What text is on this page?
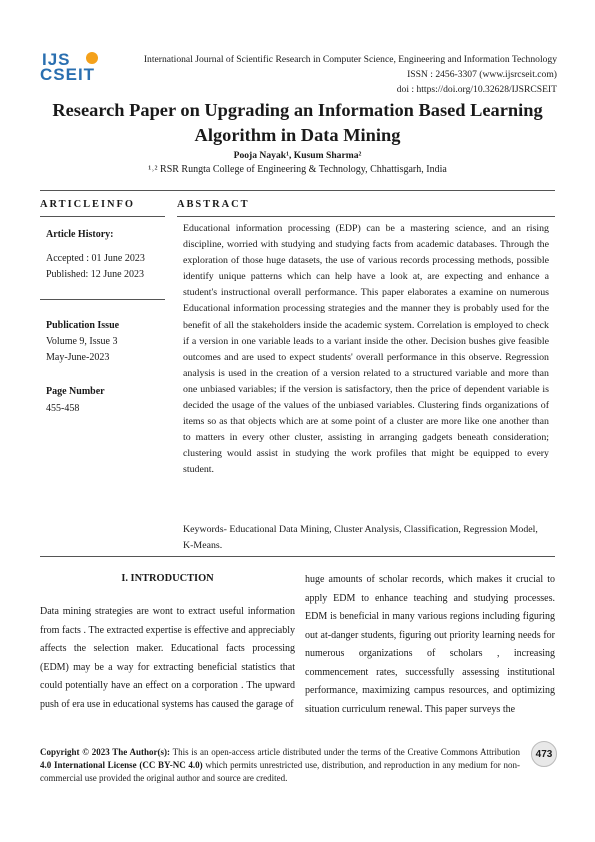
IJS
CSEIT
International Journal of Scientific Research in Computer Science, Engineering and Information Technology
ISSN : 2456-3307 (www.ijsrcseit.com)
doi : https://doi.org/10.32628/IJSRCSEIT
Research Paper on Upgrading an Information Based Learning Algorithm in Data Mining
Pooja Nayak¹, Kusum Sharma²
¹˒² RSR Rungta College of Engineering & Technology, Chhattisgarh, India
ARTICLEINFO	ABSTRACT
Article History:
Accepted : 01 June 2023
Published: 12 June 2023
Publication Issue
Volume 9, Issue 3
May-June-2023
Page Number
455-458
Educational information processing (EDP) can be a mastering science, and an rising discipline, worried with studying and studying facts from academic databases. Through the exploration of those huge datasets, the use of various records processing methods, possible identify unique patterns which can help have a look at, are expecting and enhance a student's instructional overall performance. This paper elaborates a examine on numerous Educational information processing strategies and the manner they is probably used for the benefit of all the stakeholders inside the academic system. Correlation is employed to check if a version in one variable leads to a variant inside the other. Decision bushes give feasible outcomes and are used to expect students' overall performance in this observe. Regression analysis is used in the creation of a version related to a structured variable and more than one unbiased variables; if the version is satisfactory, then the price of dependent variable is decided the usage of the values of the unbiased variables. Clustering finds organizations of items so as that objects which are at some point of a cluster are more like one another than to matters in every other cluster, assisting in arranging gadgets beneath consideration; clustering would assist in studying the work profiles that might be equipped to every student.
Keywords- Educational Data Mining, Cluster Analysis, Classification, Regression Model, K-Means.
I. INTRODUCTION
Data mining strategies are wont to extract useful information from facts . The extracted expertise is effective and appreciably affects the selection maker. Educational facts processing (EDM) may be a way for extracting beneficial statistics that could potentially have an effect on a corporation . The upward push of era use in educational systems has caused the garage of
huge amounts of scholar records, which makes it crucial to apply EDM to enhance teaching and studying processes. EDM is beneficial in many various regions including figuring out at-danger students, figuring out priority learning needs for numerous organizations of scholars , increasing commencement rates, successfully assessing institutional performance, maximizing campus resources, and optimizing situation curriculum renewal. This paper surveys the
Copyright © 2023 The Author(s): This is an open-access article distributed under the terms of the Creative Commons Attribution 4.0 International License (CC BY-NC 4.0) which permits unrestricted use, distribution, and reproduction in any medium for non-commercial use provided the original author and source are credited.
473
